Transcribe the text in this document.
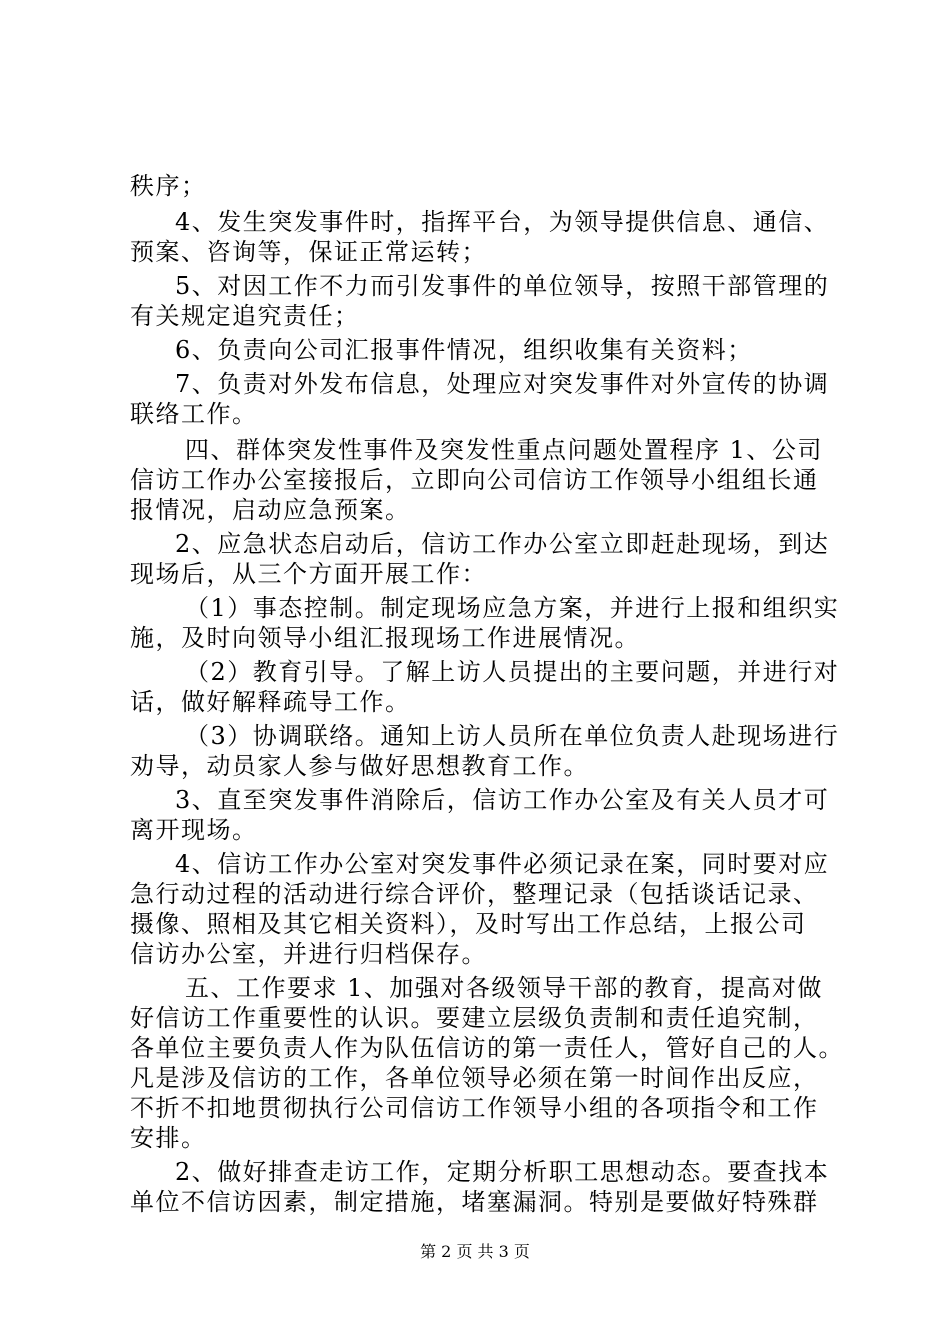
秩序；
4、发生突发事件时，指挥平台，为领导提供信息、通信、
预案、咨询等，保证正常运转；
5、对因工作不力而引发事件的单位领导，按照干部管理的
有关规定追究责任；
6、负责向公司汇报事件情况，组织收集有关资料；
7、负责对外发布信息，处理应对突发事件对外宣传的协调
联络工作。
四、群体突发性事件及突发性重点问题处置程序 1、公司
信访工作办公室接报后，立即向公司信访工作领导小组组长通
报情况，启动应急预案。
2、应急状态启动后，信访工作办公室立即赶赴现场，到达
现场后，从三个方面开展工作：
（1）事态控制。制定现场应急方案，并进行上报和组织实
施，及时向领导小组汇报现场工作进展情况。
（2）教育引导。了解上访人员提出的主要问题，并进行对
话，做好解释疏导工作。
（3）协调联络。通知上访人员所在单位负责人赴现场进行
劝导，动员家人参与做好思想教育工作。
3、直至突发事件消除后，信访工作办公室及有关人员才可
离开现场。
4、信访工作办公室对突发事件必须记录在案，同时要对应
急行动过程的活动进行综合评价，整理记录（包括谈话记录、
摄像、照相及其它相关资料），及时写出工作总结，上报公司
信访办公室，并进行归档保存。
五、工作要求 1、加强对各级领导干部的教育，提高对做
好信访工作重要性的认识。要建立层级负责制和责任追究制，
各单位主要负责人作为队伍信访的第一责任人，管好自己的人。
凡是涉及信访的工作，各单位领导必须在第一时间作出反应，
不折不扣地贯彻执行公司信访工作领导小组的各项指令和工作
安排。
2、做好排查走访工作，定期分析职工思想动态。要查找本
单位不信访因素，制定措施，堵塞漏洞。特别是要做好特殊群
第 2 页 共 3 页
